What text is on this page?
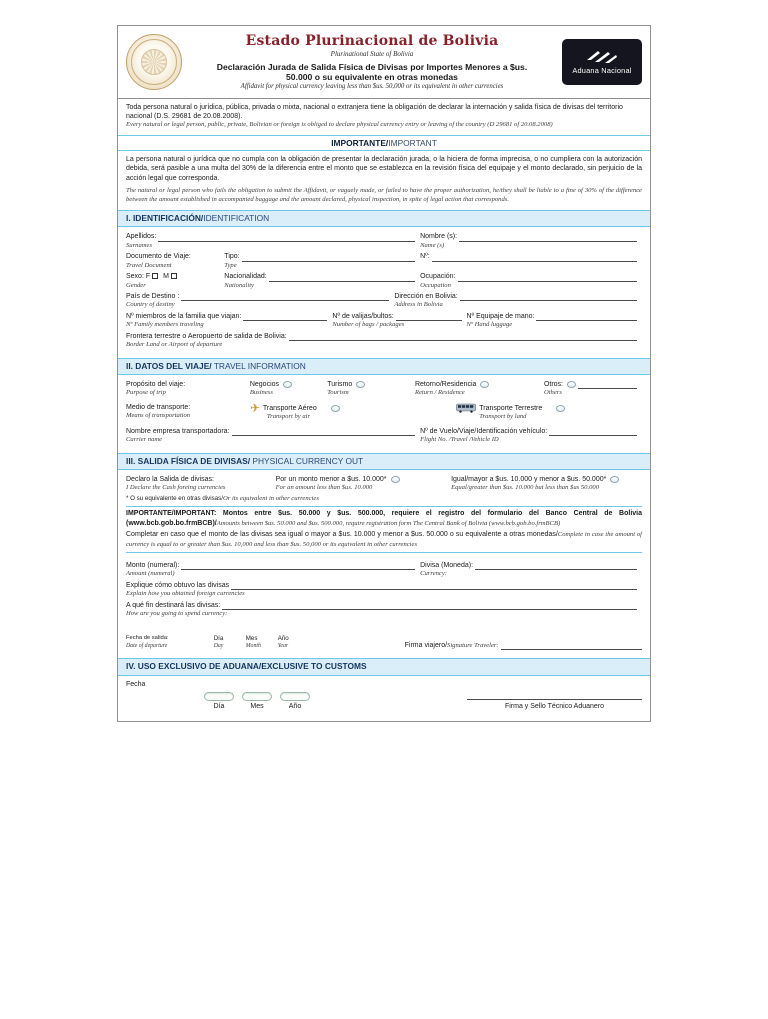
Estado Plurinacional de Bolivia
Plurinational State of Bolivia
Declaración Jurada de Salida Física de Divisas por Importes Menores a $us. 50.000 o su equivalente en otras monedas
Affidavit for physical currency leaving less than $us. 50,000 or its equivalent in other currencies
Aduana Nacional
Toda persona natural o jurídica, pública, privada o mixta, nacional o extranjera tiene la obligación de declarar la internación y salida física de divisas del territorio nacional (D.S. 29681 de 20.08.2008).
Every natural or legal person, public, private, Bolivian or foreign is obliged to declare physical currency entry or leaving of the country (D 29681 of 20.08.2008)
IMPORTANTE/IMPORTANT
La persona natural o jurídica que no cumpla con la obligación de presentar la declaración jurada, o la hiciera de forma imprecisa, o no cumpliera con la autorización debida, será pasible a una multa del 30% de la diferencia entre el monto que se establezca en la revisión física del equipaje y el monto declarado, sin perjuicio de la acción legal que corresponda.
The natural or legal person who fails the obligation to submit the Affidavit, or vaguely made, or failed to have the proper authorization, he/they shall be liable to a fine of 30% of the difference between the amount established in accompanied baggage and the amount declared, physical inspection, in spite of legal action that corresponds.
I. IDENTIFICACIÓN/IDENTIFICATION
Apellidos:
Surnames
Nombre (s):
Name (s)
Documento de Viaje:	Tipo:
Travel Document	Type
Nº:
Sexo: F M	Nacionalidad:
Gender	Nationality
Ocupación:
Occupation
País de Destino :
Country of destiny
Dirección en Bolivia:
Address in Bolivia
Nº miembros de la familia que viajan:
Nº Family members traveling
Nº de valijas/bultos:
Number of bags / packages
Nº Equipaje de mano:
Nº Hand luggage
Frontera terrestre o Aeropuerto de salida de Bolivia:
Border Land or Airport of departure
II. DATOS DEL VIAJE/ TRAVEL INFORMATION
Propósito del viaje:
Purpose of trip
Negocios
Business
Turismo
Tourism
Retorno/Residencia
Return / Residence
Otros:
Others
Medio de transporte:
Means of transportation
✈ Transporte Aéreo
Transport by air
Transporte Terrestre
Transport by land
Nombre empresa transportadora:
Carrier name
Nº de Vuelo/Viaje/Identificación vehículo:
Flight No. /Travel /Vehicle ID
III. SALIDA FÍSICA DE DIVISAS/ PHYSICAL CURRENCY OUT
Declaro la Salida de divisas:
I Declare the Cash foreing currencies
Por un monto menor a $us. 10.000*
For an amount less than $us. 10.000
Igual/mayor a $us. 10.000 y menor a $us. 50.000*
Equal/greater than $us. 10.000 but less than $us 50.000
* O su equivalente en otras divisas/Or its equivalent in other currencies
IMPORTANTE/IMPORTANT: Montos entre $us. 50.000 y $us. 500.000, requiere el registro del formulario del Banco Central de Bolivia (www.bcb.gob.bo.frmBCB)/Amounts between $us. 50.000 and $us. 500.000, require registration form The Central Bank of Bolivia (www.bcb.gob.bo.frmBCB)
Completar en caso que el monto de las divisas sea igual o mayor a $us. 10.000 y menor a $us. 50.000 o su equivalente a otras monedas/Complete in case the amount of currency is equal to or greater than $us. 10,000 and less than $us. 50,000 or its equivalent in other currencies
Monto (numeral):
Amount (numeral)
Divisa (Moneda):
Currency:
Explique cómo obtuvo las divisas
Explain how you obtained foreign currencies
A qué fin destinará las divisas:
How are you going to spend currency:
Fecha de salida:
Date of departure
Día
Day
Mes
Month
Año
Year	Firma viajero/ Signature Traveler:
IV. USO EXCLUSIVO DE ADUANA/EXCLUSIVE TO CUSTOMS
Fecha
Día	Mes	Año	Firma y Sello Técnico Aduanero
